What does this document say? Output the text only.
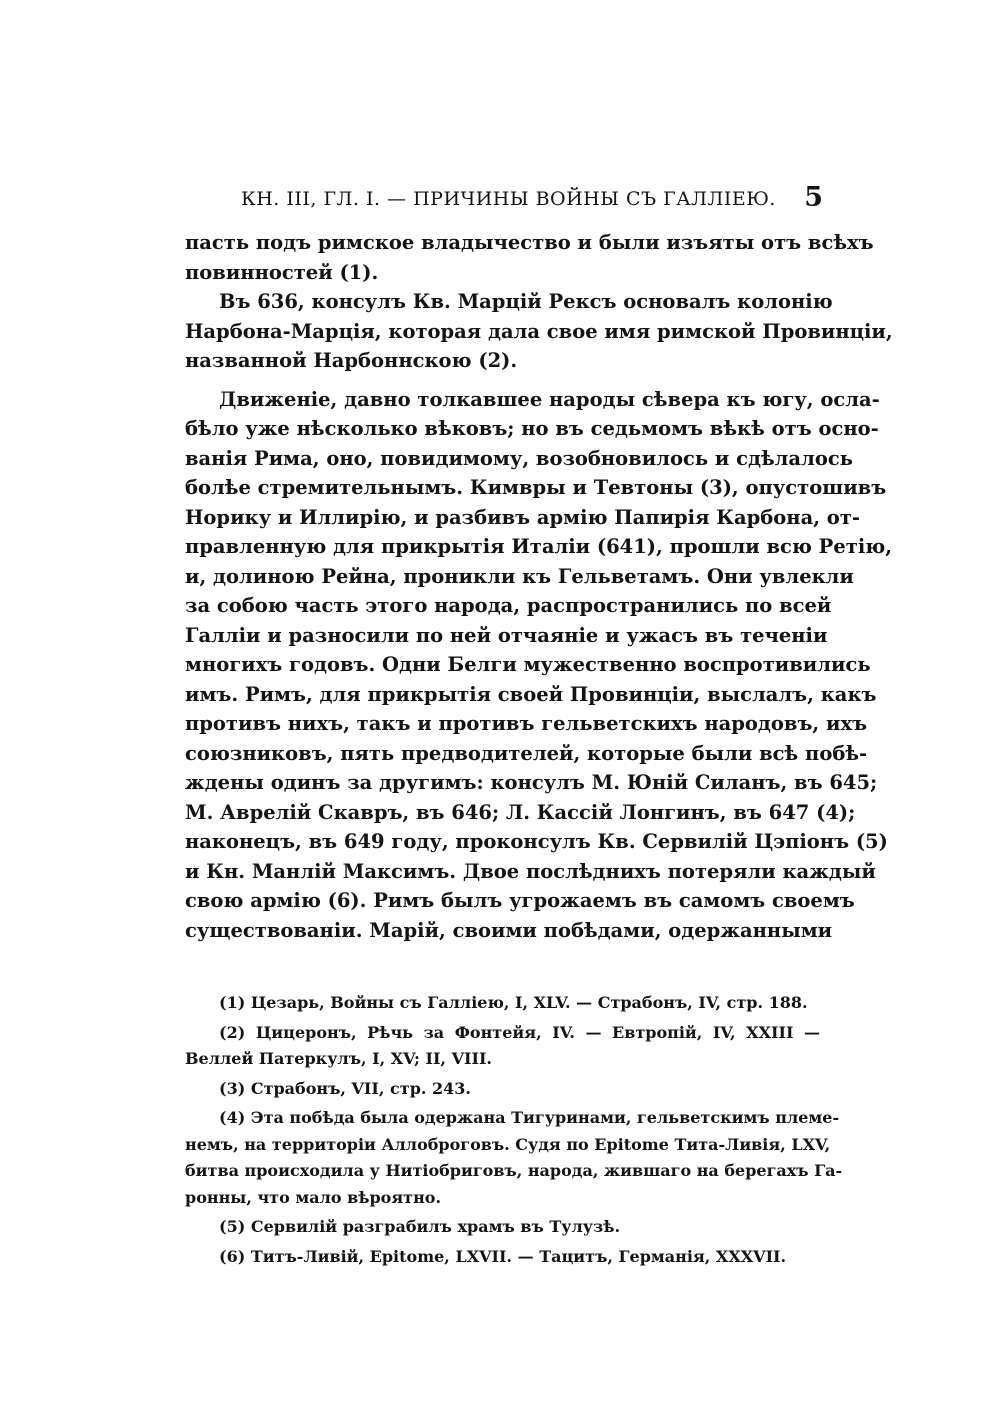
КН. III, ГЛ. I. — ПРИЧИНЫ ВОЙНЫ СЪ ГАЛЛІЕЮ. 5
пасть подъ римское владычество и были изъяты отъ всѣхъ
повинностей (1).
Въ 636, консулъ Кв. Марцій Рексъ основалъ колонію
Нарбона-Марція, которая дала свое имя римской Провинціи,
названной Нарбоннскою (2).
Движеніе, давно толкавшее народы сѣвера къ югу, осла-
бѣло уже нѣсколько вѣковъ; но въ седьмомъ вѣкѣ отъ осно-
ванія Рима, оно, повидимому, возобновилось и сдѣлалось
болѣе стремительнымъ. Кимвры и Тевтоны (3), опустошивъ
Норику и Иллирію, и разбивъ армію Папирія Карбона, от-
правленную для прикрытія Италіи (641), прошли всю Ретію,
и, долиною Рейна, проникли къ Гельветамъ. Они увлекли
за собою часть этого народа, распространились по всей
Галліи и разносили по ней отчаяніе и ужасъ въ теченіи
многихъ годовъ. Одни Белги мужественно воспротивились
имъ. Римъ, для прикрытія своей Провинціи, выслалъ, какъ
противъ нихъ, такъ и противъ гельветскихъ народовъ, ихъ
союзниковъ, пять предводителей, которые были всѣ побѣ-
ждены одинъ за другимъ: консулъ М. Юній Силанъ, въ 645;
М. Аврелій Скавръ, въ 646; Л. Кассій Лонгинъ, въ 647 (4);
наконецъ, въ 649 году, проконсулъ Кв. Сервилій Цэпіонъ (5)
и Кн. Манлій Максимъ. Двое послѣднихъ потеряли каждый
свою армію (6). Римъ былъ угрожаемъ въ самомъ своемъ
существованіи. Марій, своими побѣдами, одержанными
(1) Цезарь, Войны съ Галліею, I, XLV. — Страбонъ, IV, стр. 188.
(2) Цицеронъ, Рѣчь за Фонтейя, IV. — Евтропій, IV, XXIII —
Веллей Патеркулъ, I, XV; II, VIII.
(3) Страбонъ, VII, стр. 243.
(4) Эта побѣда была одержана Тигуринами, гельветскимъ племе-
немъ, на территоріи Аллоброговъ. Судя по Epitome Тита-Ливія, LXV,
битва происходила у Нитіобриговъ, народа, жившаго на берегахъ Га-
ронны, что мало вѣроятно.
(5) Сервилій разграбилъ храмъ въ Тулузѣ.
(6) Титъ-Ливій, Epitome, LXVII. — Тацитъ, Германія, XXXVII.
